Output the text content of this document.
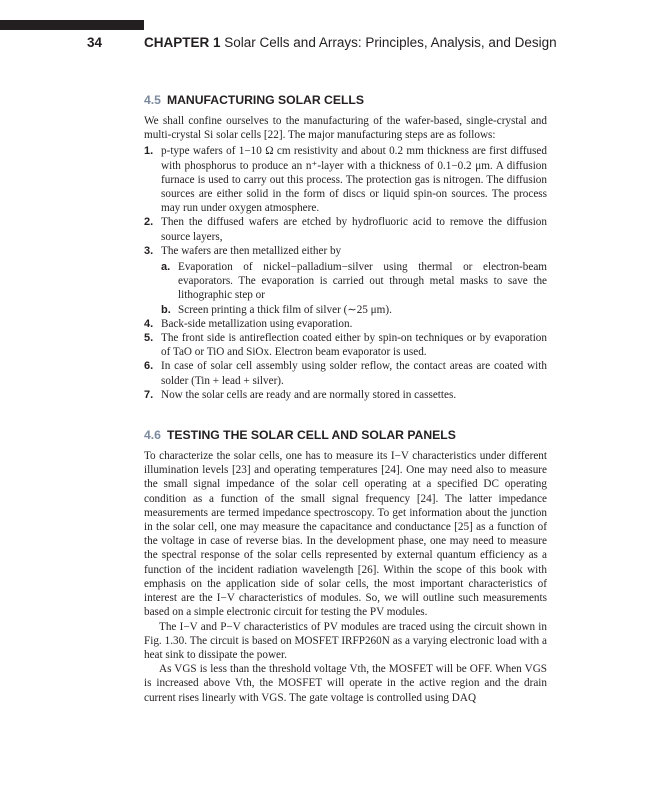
34	CHAPTER 1 Solar Cells and Arrays: Principles, Analysis, and Design
4.5 MANUFACTURING SOLAR CELLS

We shall confine ourselves to the manufacturing of the wafer-based, single-crystal and multi-crystal Si solar cells [22]. The major manufacturing steps are as follows:

1. p-type wafers of 1−10 Ω cm resistivity and about 0.2 mm thickness are first diffused with phosphorus to produce an n⁺-layer with a thickness of 0.1−0.2 μm. A diffusion furnace is used to carry out this process. The protection gas is nitrogen. The diffusion sources are either solid in the form of discs or liquid spin-on sources. The process may run under oxygen atmosphere.
2. Then the diffused wafers are etched by hydrofluoric acid to remove the diffusion source layers,
3. The wafers are then metallized either by
a. Evaporation of nickel−palladium−silver using thermal or electron-beam evaporators. The evaporation is carried out through metal masks to save the lithographic step or
b. Screen printing a thick film of silver (∼25 μm).
4. Back-side metallization using evaporation.
5. The front side is antireflection coated either by spin-on techniques or by evaporation of TaO or TiO and SiOx. Electron beam evaporator is used.
6. In case of solar cell assembly using solder reflow, the contact areas are coated with solder (Tin + lead + silver).
7. Now the solar cells are ready and are normally stored in cassettes.
4.6 TESTING THE SOLAR CELL AND SOLAR PANELS

To characterize the solar cells, one has to measure its I−V characteristics under different illumination levels [23] and operating temperatures [24]. One may need also to measure the small signal impedance of the solar cell operating at a specified DC operating condition as a function of the small signal frequency [24]. The latter impedance measurements are termed impedance spectroscopy. To get information about the junction in the solar cell, one may measure the capacitance and conductance [25] as a function of the voltage in case of reverse bias. In the development phase, one may need to measure the spectral response of the solar cells represented by external quantum efficiency as a function of the incident radiation wavelength [26]. Within the scope of this book with emphasis on the application side of solar cells, the most important characteristics of interest are the I−V characteristics of modules. So, we will outline such measurements based on a simple electronic circuit for testing the PV modules.

The I−V and P−V characteristics of PV modules are traced using the circuit shown in Fig. 1.30. The circuit is based on MOSFET IRFP260N as a varying electronic load with a heat sink to dissipate the power.

As VGS is less than the threshold voltage Vth, the MOSFET will be OFF. When VGS is increased above Vth, the MOSFET will operate in the active region and the drain current rises linearly with VGS. The gate voltage is controlled using DAQ
